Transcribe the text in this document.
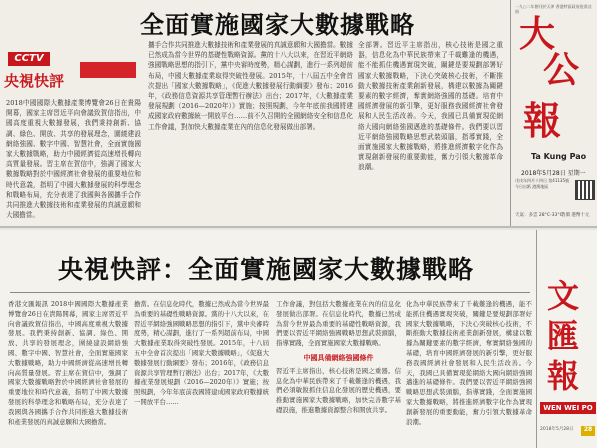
全面實施國家大數據戰略
CCTV
央視快評
2018中國國際大數據產業博覽會26日在貴陽開幕，國家主席習近平向會議致賀信指出，中國高度重視大數據發展，我們秉持創新、協調、綠色、開放、共享的發展理念，圍繞建設網絡強國、數字中國、智慧社會，全面實施國家大數據戰略，助力中國經濟從高速增長轉向高質量發展。習主席在賀信中，強調了國家大數據戰略對於中國經濟社會發展的重要地位和時代意義，指明了中國大數據發展的科學理念和戰略布局，充分表達了我國與各國攜手合作共同推進大數據技術和產業發展的真誠意願和大國擔當。
攜手合作共同推進大數據技術和產業發展的真誠意願和大國擔當。數據已然成為當今世界的基礎性戰略資源。黨的十八大以來，在習近平網絡強國戰略思想的指引下，黨中央審時度勢，精心謀劃，進行一系列超前布局，中國大數據產業取得突破性發展。2015年，十八屆五中全會首次提出「國家大數據戰略」，《促進大數據發展行動綱要》發布；2016年，《政務信息資源共享管理暫行辦法》出台；2017年，《大數據產業發展規劃（2016—2020年）》實施；按照規劃，今年年底前我國將建成國家政府數據統一開放平台……前不久召開的全國網絡安全和信息化工作會議，對加快大數據產業在內的信息化發展做出部署。
全部署。習近平主席指出，核心技術是國之重器，信息化為中華民族帶來了千載難逢的機遇，能不能抓住機遇實現突破，關鍵是要規劃部署好國家大數據戰略，下決心突破核心技術，不斷推動大數據技術產業創新發展，構建以數據為關鍵要素的數字經濟，奪實網絡強國的基礎。培育中國經濟發展的新引擎，更好服務我國經濟社會發展和人民生活改善。今天，我國已具備實現從網絡大國向網絡強國邁進的基礎條件。我們要以習近平網絡強國戰略思想武裝頭腦，指導實踐，全面實施國家大數據戰略，將推進經濟數字化作為實現創新發展的重要動能，奮力引領大數據革命浪潮。
一九○二年創刊於天津 香港特區政府批准註冊
大
公
報
Ta Kung Pao
2018年5月28日 星期一
戊戌年四月十四日 第41135號 今日出紙 港澳地區
天氣：多雲 28°C-33°C
售價 港幣十元
央視快評：全面實施國家大數據戰略
香港文匯報訊 2018中國國際大數據產業博覽會26日在貴陽開幕，國家主席習近平向會議致賀信指出，中國高度重視大數據發展。我們秉持創新、協調、綠色、開放、共享的發展理念，圍繞建設網絡強國、數字中國、智慧社會，全面實施國家大數據戰略，助力中國經濟從高速增長轉向高質量發展。習主席在賀信中，強調了國家大數據戰略對於中國經濟社會發展的重要地位和時代意義，指明了中國大數據發展的科學理念和戰略布局，充分表達了我國與各國攜手合作共同推進大數據技術和產業發展的真誠意願和大國擔當。
擔當。在信息化時代，數據已然成為當今世界最為重要的基礎性戰略資源。黨的十八大以來，在習近平網絡強國戰略思想的指引下，黨中央審時度勢，精心謀劃，進行了一系列超前布局，中國大數據產業取得突破性發展。2015年，十八屆五中全會首次提出「國家大數據戰略」，《促進大數據發展行動綱要》發布；2016年，《政務信息資源共享管理暫行辦法》出台；2017年，《大數據產業發展規劃（2016—2020年）》實施；按照規劃，今年年底前我國將建成國家政府數據統一開放平台……
工作會議，對包括大數據產業在內的信息化發展做出部署。在信息化時代，數據已然成為當今世界最為重要的基礎性戰略資源，我們要以習近平網絡強國戰略思想武裝頭腦，指導實踐，全面實施國家大數據戰略。
中國具備網絡強國條件
習近平主席指出，核心技術是國之重器。信息化為中華民族帶來了千載難逢的機遇，我們必須敏銳抓住信息化發展的歷史機遇，要推動實施國家大數據戰略，加快完善數字基礎設施，推進數據資源整合和開放共享。
化為中華民族帶來了千載難逢的機遇，能不能抓住機遇實現突破，關鍵是要規劃部署好國家大數據戰略，下決心突破核心技術，不斷推動大數據技術產業創新發展，構建以數據為關鍵要素的數字經濟，奪實網絡強國的基礎，培育中國經濟發展的新引擎，更好服務我國經濟社會發展和人民生活改善。今天，我國已具備實現從網絡大國向網絡強國邁進的基礎條件。我們要以習近平網絡強國戰略思想武裝頭腦，指導實踐，全面實施國家大數據戰略，將推進經濟數字化作為實現創新發展的重要動能，奮力引領大數據革命浪潮。
文
匯
報
WEN WEI PO
2018年5月28日	28
